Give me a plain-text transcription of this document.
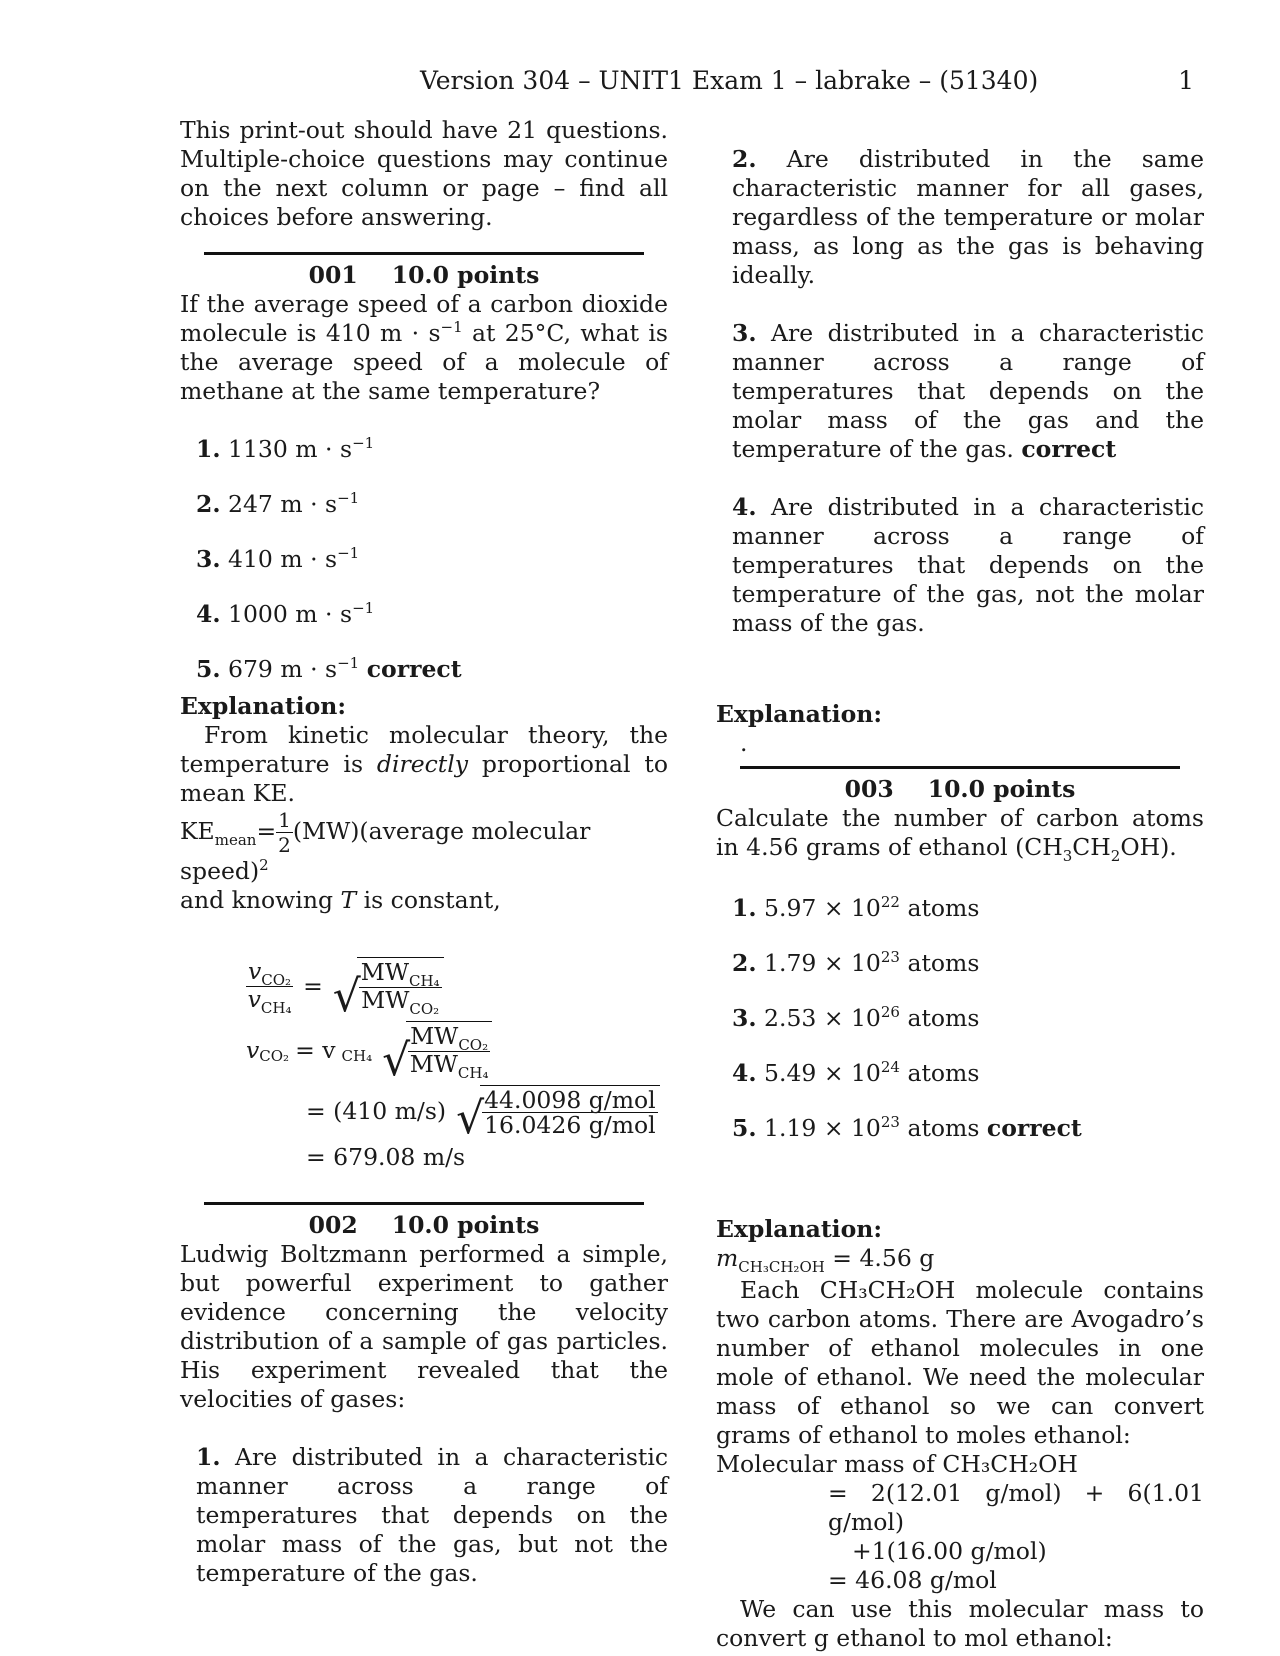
Version 304 – UNIT1 Exam 1 – labrake – (51340)	1
This print-out should have 21 questions. Multiple-choice questions may continue on the next column or page – find all choices before answering.
001 10.0 points
If the average speed of a carbon dioxide molecule is 410 $m \cdot s^{-1}$ at 25°C, what is the average speed of a molecule of methane at the same temperature?
1. 1130 $m \cdot s^{-1}$
2. 247 $m \cdot s^{-1}$
3. 410 $m \cdot s^{-1}$
4. 1000 $m \cdot s^{-1}$
5. 679 $m \cdot s^{-1}$ correct
Explanation:
From kinetic molecular theory, the temperature is directly proportional to mean KE.
$KE_{mean}= \frac{1}{2}$ (MW)(average molecular speed)$^2$
and knowing T is constant,
$\frac{v_{CO_2}}{v_{CH_4}}$ = √
$\frac{MW_{CH_4}}{MW_{CO_2}}$
$v_{CO_2} = v$ $_{CH_4}$ √
$\frac{MW_{CO_2}}{MW_{CH_4}}$
= (410 m/s) √
$\frac{\text{44.0098 g/mol}}{\text{16.0426 g/mol}}$
= 679.08 m/s
002 10.0 points
Ludwig Boltzmann performed a simple, but powerful experiment to gather evidence concerning the velocity distribution of a sample of gas particles. His experiment revealed that the velocities of gases:
1. Are distributed in a characteristic manner across a range of temperatures that depends on the molar mass of the gas, but not the temperature of the gas.
2. Are distributed in the same characteristic manner for all gases, regardless of the temperature or molar mass, as long as the gas is behaving ideally.
3. Are distributed in a characteristic manner across a range of temperatures that depends on the molar mass of the gas and the temperature of the gas. correct
4. Are distributed in a characteristic manner across a range of temperatures that depends on the temperature of the gas, not the molar mass of the gas.
Explanation:
.
003 10.0 points
Calculate the number of carbon atoms in 4.56 grams of ethanol $(CH_3CH_2OH)$.
1. $5.97 \times 10^{22}$ atoms
2. $1.79 \times 10^{23}$ atoms
3. $2.53 \times 10^{26}$ atoms
4. $5.49 \times 10^{24}$ atoms
5. $1.19 \times 10^{23}$ atoms correct
Explanation:
$m_{CH_3CH_2OH} = 4.56$ g
Each CH₃CH₂OH molecule contains two carbon atoms. There are Avogadro’s number of ethanol molecules in one mole of ethanol. We need the molecular mass of ethanol so we can convert grams of ethanol to moles ethanol:
Molecular mass of CH₃CH₂OH
= 2(12.01 g/mol) + 6(1.01 g/mol)
+1(16.00 g/mol)
= 46.08 g/mol
We can use this molecular mass to convert g ethanol to mol ethanol:
